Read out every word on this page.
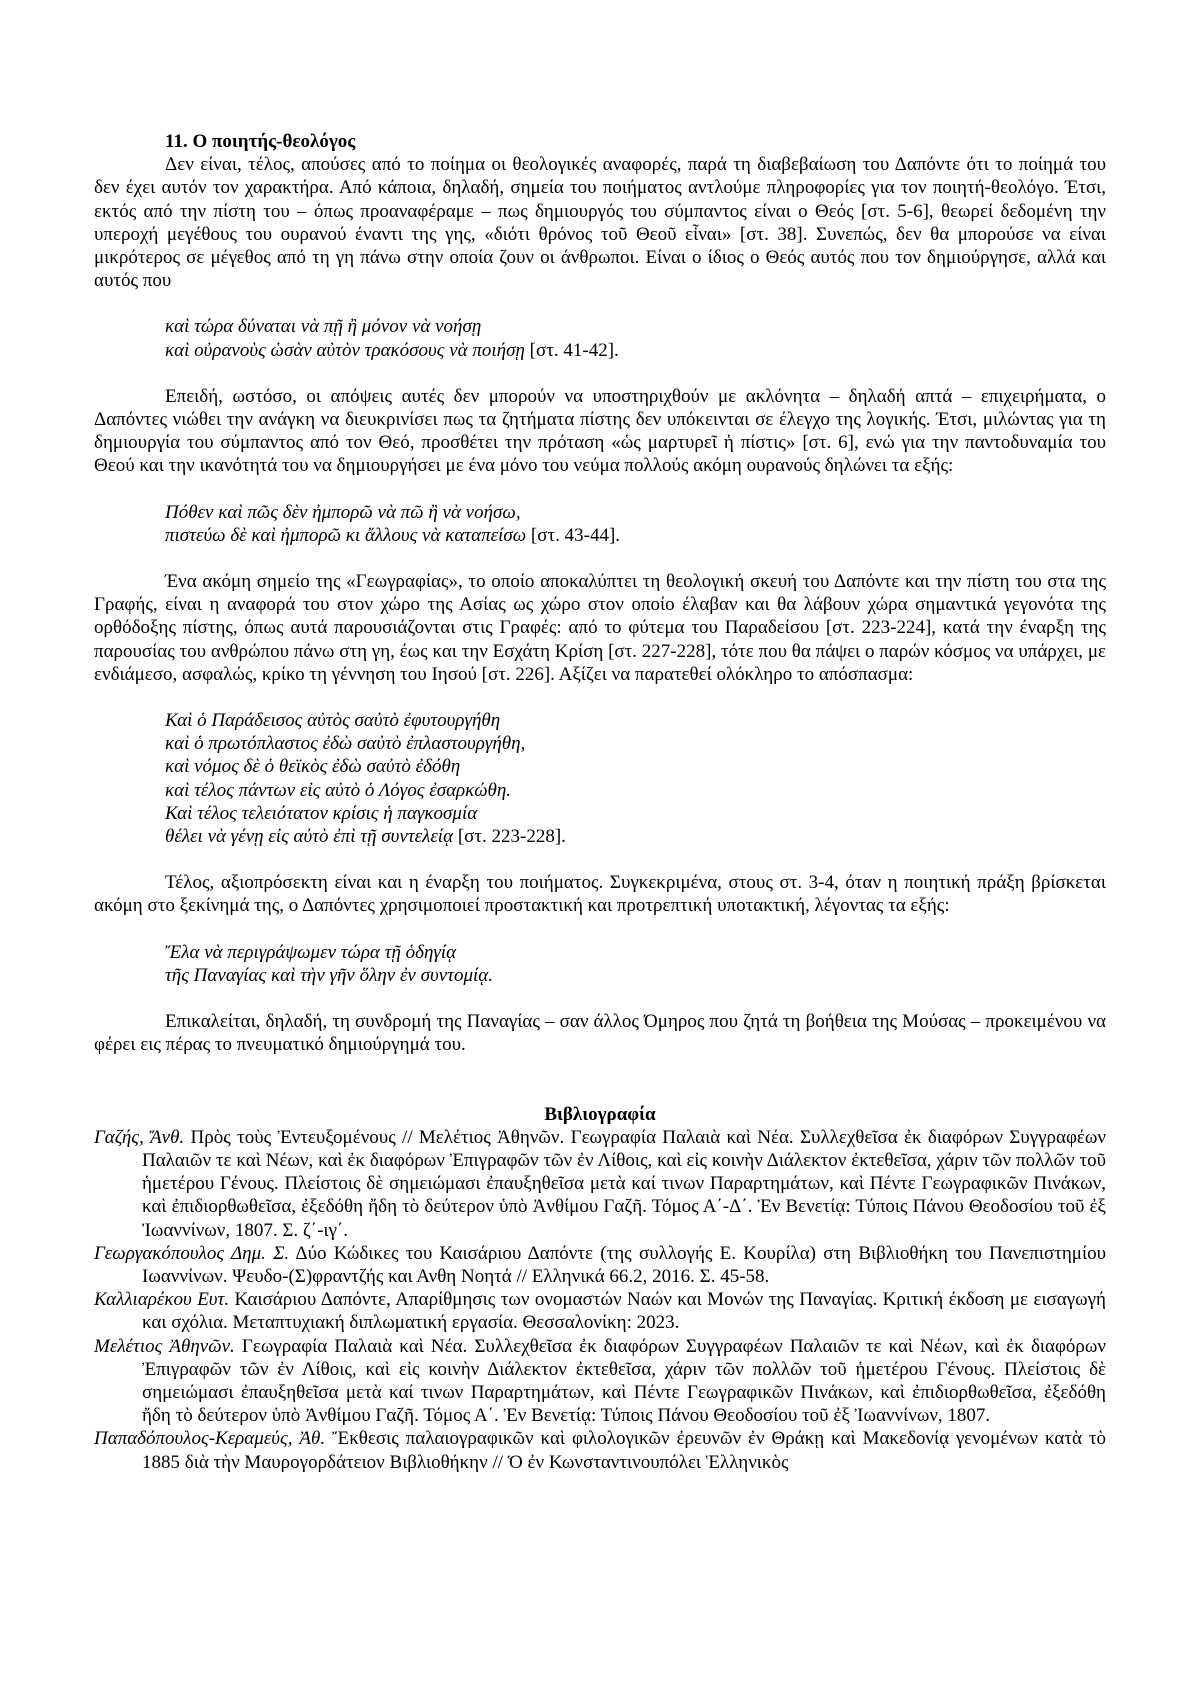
11. Ο ποιητής-θεολόγος

Δεν είναι, τέλος, απούσες από το ποίημα οι θεολογικές αναφορές, παρά τη διαβεβαίωση του Δαπόντε ότι το ποίημά του δεν έχει αυτόν τον χαρακτήρα. Από κάποια, δηλαδή, σημεία του ποιήματος αντλούμε πληροφορίες για τον ποιητή-θεολόγο. Έτσι, εκτός από την πίστη του – όπως προαναφέραμε – πως δημιουργός του σύμπαντος είναι ο Θεός [στ. 5-6], θεωρεί δεδομένη την υπεροχή μεγέθους του ουρανού έναντι της γης, «διότι θρόνος τοῦ Θεοῦ εἶναι» [στ. 38]. Συνεπώς, δεν θα μπορούσε να είναι μικρότερος σε μέγεθος από τη γη πάνω στην οποία ζουν οι άνθρωποι. Είναι ο ίδιος ο Θεός αυτός που τον δημιούργησε, αλλά και αυτός που

καὶ τώρα δύναται νὰ πῇ ἢ μόνον νὰ νοήσῃ
καὶ οὐρανοὺς ὡσὰν αὐτὸν τρακόσους νὰ ποιήσῃ [στ. 41-42].

Επειδή, ωστόσο, οι απόψεις αυτές δεν μπορούν να υποστηριχθούν με ακλόνητα – δηλαδή απτά – επιχειρήματα, ο Δαπόντες νιώθει την ανάγκη να διευκρινίσει πως τα ζητήματα πίστης δεν υπόκεινται σε έλεγχο της λογικής. Έτσι, μιλώντας για τη δημιουργία του σύμπαντος από τον Θεό, προσθέτει την πρόταση «ὡς μαρτυρεῖ ἡ πίστις» [στ. 6], ενώ για την παντοδυναμία του Θεού και την ικανότητά του να δημιουργήσει με ένα μόνο του νεύμα πολλούς ακόμη ουρανούς δηλώνει τα εξής:

Πόθεν καὶ πῶς δὲν ἠμπορῶ νὰ πῶ ἢ νὰ νοήσω,
πιστεύω δὲ καὶ ἠμπορῶ κι ἄλλους νὰ καταπείσω [στ. 43-44].

Ένα ακόμη σημείο της «Γεωγραφίας», το οποίο αποκαλύπτει τη θεολογική σκευή του Δαπόντε και την πίστη του στα της Γραφής, είναι η αναφορά του στον χώρο της Ασίας ως χώρο στον οποίο έλαβαν και θα λάβουν χώρα σημαντικά γεγονότα της ορθόδοξης πίστης, όπως αυτά παρουσιάζονται στις Γραφές: από το φύτεμα του Παραδείσου [στ. 223-224], κατά την έναρξη της παρουσίας του ανθρώπου πάνω στη γη, έως και την Εσχάτη Κρίση [στ. 227-228], τότε που θα πάψει ο παρών κόσμος να υπάρχει, με ενδιάμεσο, ασφαλώς, κρίκο τη γέννηση του Ιησού [στ. 226]. Αξίζει να παρατεθεί ολόκληρο το απόσπασμα:

Καὶ ὁ Παράδεισος αὐτὸς σαὐτὸ ἐφυτουργήθη
καὶ ὁ πρωτόπλαστος ἐδὼ σαὐτὸ ἐπλαστουργήθη,
καὶ νόμος δὲ ὁ θεϊκὸς ἐδὼ σαὐτὸ ἐδόθη
καὶ τέλος πάντων εἰς αὐτὸ ὁ Λόγος ἐσαρκώθη.
Καὶ τέλος τελειότατον κρίσις ἡ παγκοσμία
θέλει νὰ γένῃ εἰς αὐτὸ ἐπὶ τῇ συντελείᾳ [στ. 223-228].

Τέλος, αξιοπρόσεκτη είναι και η έναρξη του ποιήματος. Συγκεκριμένα, στους στ. 3-4, όταν η ποιητική πράξη βρίσκεται ακόμη στο ξεκίνημά της, ο Δαπόντες χρησιμοποιεί προστακτική και προτρεπτική υποτακτική, λέγοντας τα εξής:

Ἔλα νὰ περιγράψωμεν τώρα τῇ ὁδηγίᾳ
τῆς Παναγίας καὶ τὴν γῆν ὅλην ἐν συντομίᾳ.

Επικαλείται, δηλαδή, τη συνδρομή της Παναγίας – σαν άλλος Όμηρος που ζητά τη βοήθεια της Μούσας – προκειμένου να φέρει εις πέρας το πνευματικό δημιούργημά του.

Βιβλιογραφία

Γαζής, Ἄνθ. Πρὸς τοὺς Ἐντευξομένους // Μελέτιος Ἀθηνῶν. Γεωγραφία Παλαιὰ καὶ Νέα. Συλλεχθεῖσα ἐκ διαφόρων Συγγραφέων Παλαιῶν τε καὶ Νέων, καὶ ἐκ διαφόρων Ἐπιγραφῶν τῶν ἐν Λίθοις, καὶ εἰς κοινὴν Διάλεκτον ἐκτεθεῖσα, χάριν τῶν πολλῶν τοῦ ἡμετέρου Γένους. Πλείστοις δὲ σημειώμασι ἐπαυξηθεῖσα μετὰ καί τινων Παραρτημάτων, καὶ Πέντε Γεωγραφικῶν Πινάκων, καὶ ἐπιδιορθωθεῖσα, ἐξεδόθη ἤδη τὸ δεύτερον ὑπὸ Ἀνθίμου Γαζῆ. Τόμος Α΄-Δ΄. Ἐν Βενετίᾳ: Τύποις Πάνου Θεοδοσίου τοῦ ἐξ Ἰωαννίνων, 1807. Σ. ζ΄-ιγ΄.

Γεωργακόπουλος Δημ. Σ. Δύο Κώδικες του Καισάριου Δαπόντε (της συλλογής Ε. Κουρίλα) στη Βιβλιοθήκη του Πανεπιστημίου Ιωαννίνων. Ψευδο-(Σ)φραντζής και Ανθη Νοητά // Ελληνικά 66.2, 2016. Σ. 45-58.

Καλλιαρέκου Ευτ. Καισάριου Δαπόντε, Απαρίθμησις των ονομαστών Ναών και Μονών της Παναγίας. Κριτική έκδοση με εισαγωγή και σχόλια. Μεταπτυχιακή διπλωματική εργασία. Θεσσαλονίκη: 2023.

Μελέτιος Ἀθηνῶν. Γεωγραφία Παλαιὰ καὶ Νέα. Συλλεχθεῖσα ἐκ διαφόρων Συγγραφέων Παλαιῶν τε καὶ Νέων, καὶ ἐκ διαφόρων Ἐπιγραφῶν τῶν ἐν Λίθοις, καὶ εἰς κοινὴν Διάλεκτον ἐκτεθεῖσα, χάριν τῶν πολλῶν τοῦ ἡμετέρου Γένους. Πλείστοις δὲ σημειώμασι ἐπαυξηθεῖσα μετὰ καί τινων Παραρτημάτων, καὶ Πέντε Γεωγραφικῶν Πινάκων, καὶ ἐπιδιορθωθεῖσα, ἐξεδόθη ἤδη τὸ δεύτερον ὑπὸ Ἀνθίμου Γαζῆ. Τόμος Α΄. Ἐν Βενετίᾳ: Τύποις Πάνου Θεοδοσίου τοῦ ἐξ Ἰωαννίνων, 1807.

Παπαδόπουλος-Κεραμεύς, Ἀθ. Ἔκθεσις παλαιογραφικῶν καὶ φιλολογικῶν ἐρευνῶν ἐν Θράκῃ καὶ Μακεδονίᾳ γενομένων κατὰ τὸ 1885 διὰ τὴν Μαυρογορδάτειον Βιβλιοθήκην // Ὁ ἐν Κωνσταντινουπόλει Ἑλληνικὸς
